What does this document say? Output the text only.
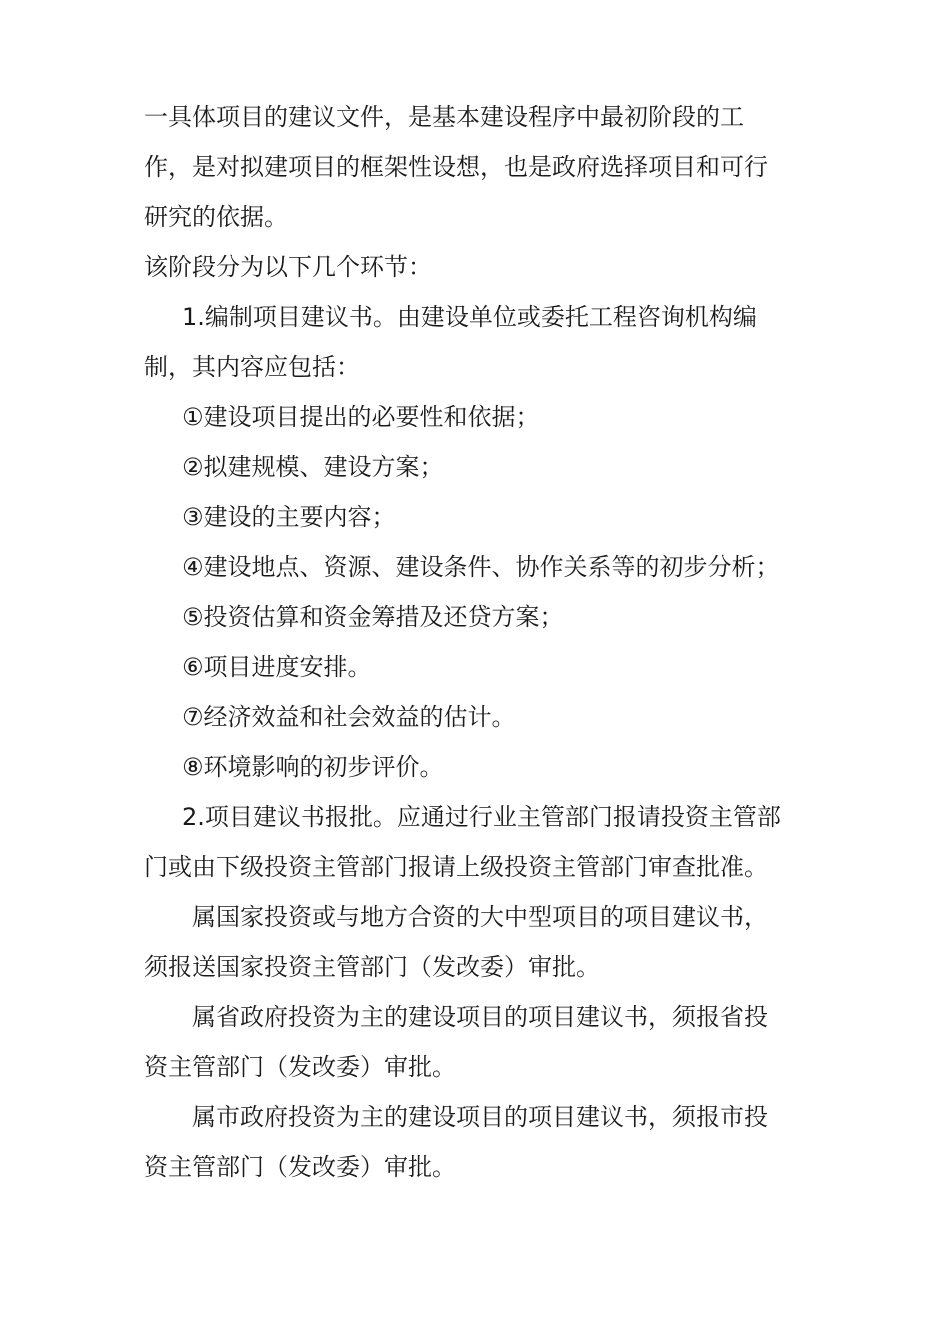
一具体项目的建议文件，是基本建设程序中最初阶段的工
作，是对拟建项目的框架性设想，也是政府选择项目和可行
研究的依据。
该阶段分为以下几个环节：
1.编制项目建议书。由建设单位或委托工程咨询机构编
制，其内容应包括：
①建设项目提出的必要性和依据；
②拟建规模、建设方案；
③建设的主要内容；
④建设地点、资源、建设条件、协作关系等的初步分析；
⑤投资估算和资金筹措及还贷方案；
⑥项目进度安排。
⑦经济效益和社会效益的估计。
⑧环境影响的初步评价。
2.项目建议书报批。应通过行业主管部门报请投资主管部
门或由下级投资主管部门报请上级投资主管部门审查批准。
属国家投资或与地方合资的大中型项目的项目建议书，
须报送国家投资主管部门（发改委）审批。
属省政府投资为主的建设项目的项目建议书，须报省投
资主管部门（发改委）审批。
属市政府投资为主的建设项目的项目建议书，须报市投
资主管部门（发改委）审批。
